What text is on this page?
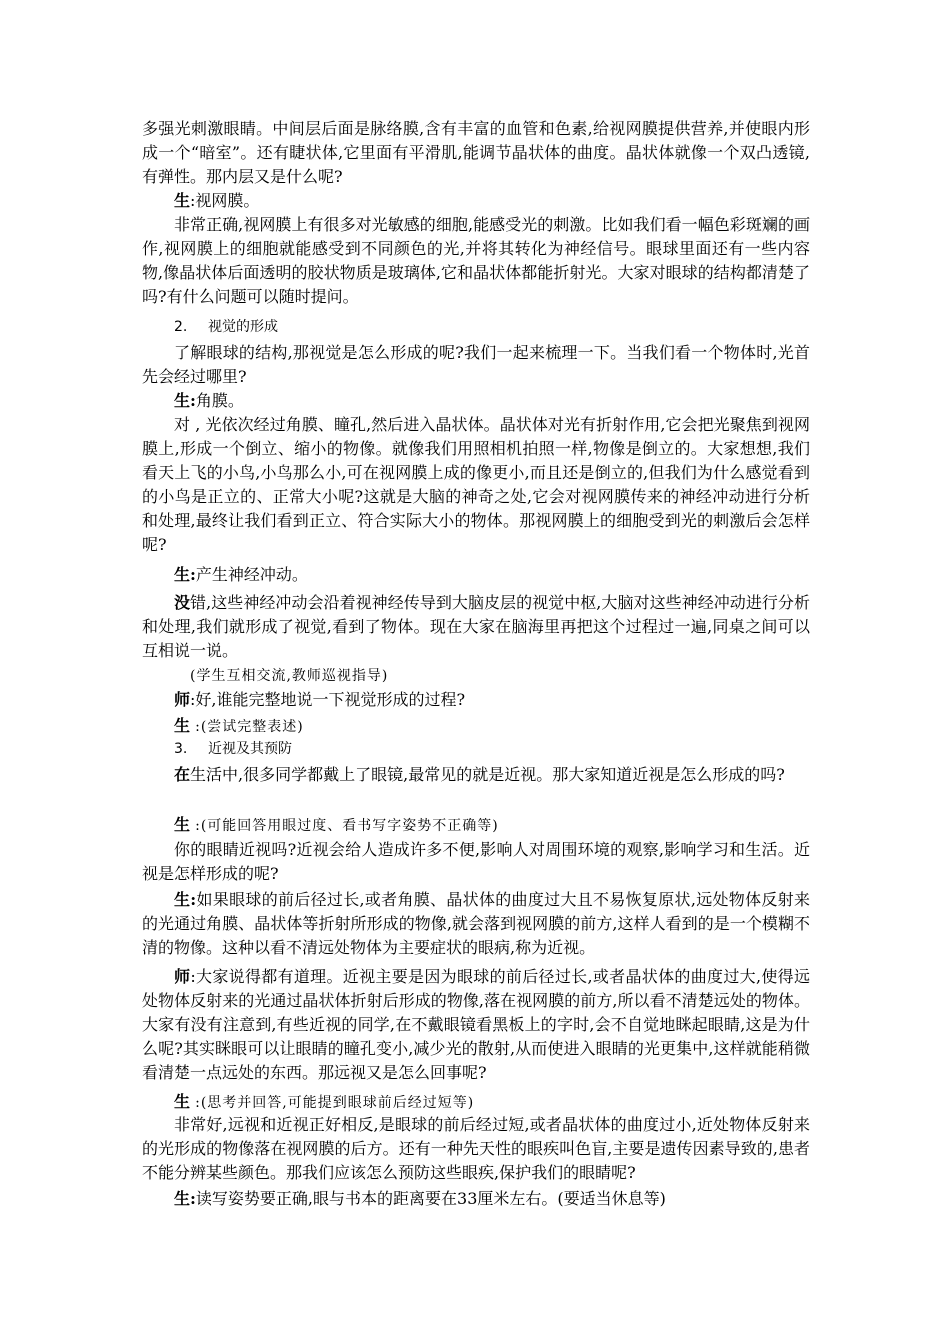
多强光刺激眼睛。中间层后面是脉络膜,含有丰富的血管和色素,给视网膜提供营养,并使眼内形成一个“暗室”。还有睫状体,它里面有平滑肌,能调节晶状体的曲度。晶状体就像一个双凸透镜,有弹性。那内层又是什么呢?

生:视网膜。

非常正确,视网膜上有很多对光敏感的细胞,能感受光的刺激。比如我们看一幅色彩斑斓的画作,视网膜上的细胞就能感受到不同颜色的光,并将其转化为神经信号。眼球里面还有一些内容物,像晶状体后面透明的胶状物质是玻璃体,它和晶状体都能折射光。大家对眼球的结构都清楚了吗?有什么问题可以随时提问。

2. 视觉的形成

了解眼球的结构,那视觉是怎么形成的呢?我们一起来梳理一下。当我们看一个物体时,光首先会经过哪里?

生:角膜。

对 , 光依次经过角膜、瞳孔,然后进入晶状体。晶状体对光有折射作用,它会把光聚焦到视网膜上,形成一个倒立、缩小的物像。就像我们用照相机拍照一样,物像是倒立的。大家想想,我们看天上飞的小鸟,小鸟那么小,可在视网膜上成的像更小,而且还是倒立的,但我们为什么感觉看到的小鸟是正立的、正常大小呢?这就是大脑的神奇之处,它会对视网膜传来的神经冲动进行分析和处理,最终让我们看到正立、符合实际大小的物体。那视网膜上的细胞受到光的刺激后会怎样呢?

生:产生神经冲动。

没错,这些神经冲动会沿着视神经传导到大脑皮层的视觉中枢,大脑对这些神经冲动进行分析和处理,我们就形成了视觉,看到了物体。现在大家在脑海里再把这个过程过一遍,同桌之间可以互相说一说。

(学生互相交流,教师巡视指导)

师:好,谁能完整地说一下视觉形成的过程?

生 :(尝试完整表述)

3. 近视及其预防

在生活中,很多同学都戴上了眼镜,最常见的就是近视。那大家知道近视是怎么形成的吗?

生 :(可能回答用眼过度、看书写字姿势不正确等)

你的眼睛近视吗?近视会给人造成许多不便,影响人对周围环境的观察,影响学习和生活。近视是怎样形成的呢?

生:如果眼球的前后径过长,或者角膜、晶状体的曲度过大且不易恢复原状,远处物体反射来的光通过角膜、晶状体等折射所形成的物像,就会落到视网膜的前方,这样人看到的是一个模糊不清的物像。这种以看不清远处物体为主要症状的眼病,称为近视。

师:大家说得都有道理。近视主要是因为眼球的前后径过长,或者晶状体的曲度过大,使得远处物体反射来的光通过晶状体折射后形成的物像,落在视网膜的前方,所以看不清楚远处的物体。大家有没有注意到,有些近视的同学,在不戴眼镜看黑板上的字时,会不自觉地眯起眼睛,这是为什么呢?其实眯眼可以让眼睛的瞳孔变小,减少光的散射,从而使进入眼睛的光更集中,这样就能稍微看清楚一点远处的东西。那远视又是怎么回事呢?

生 :(思考并回答,可能提到眼球前后经过短等)

非常好,远视和近视正好相反,是眼球的前后经过短,或者晶状体的曲度过小,近处物体反射来的光形成的物像落在视网膜的后方。还有一种先天性的眼疾叫色盲,主要是遗传因素导致的,患者不能分辨某些颜色。那我们应该怎么预防这些眼疾,保护我们的眼睛呢?

生:读写姿势要正确,眼与书本的距离要在33厘米左右。(要适当休息等)
